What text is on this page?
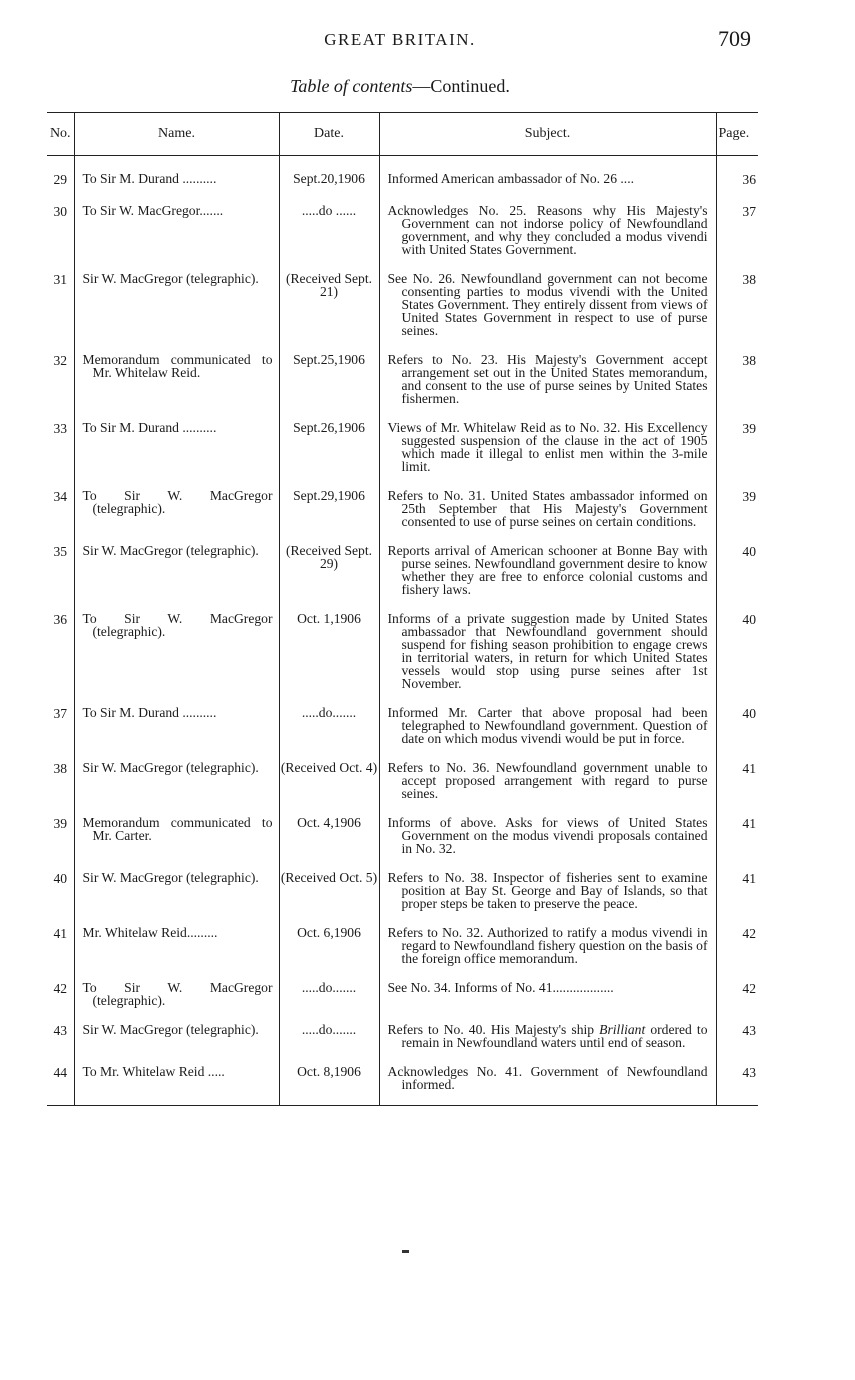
GREAT BRITAIN.	709
Table of contents—Continued.
No.	Name.	Date.	Subject.	Page.

29	To Sir M. Durand ..........	Sept.20,1906	Informed American ambassador of No. 26 ....	36
30	To Sir W. MacGregor.......	.....do ......	Acknowledges No. 25. Reasons why His Majesty's Government can not indorse policy of Newfoundland government, and why they concluded a modus vivendi with United States Government.	37
31	Sir W. MacGregor (telegraphic).	(Received Sept. 21)	See No. 26. Newfoundland government can not become consenting parties to modus vivendi with the United States Government. They entirely dissent from views of United States Government in respect to use of purse seines.	38
32	Memorandum communicated to Mr. Whitelaw Reid.	Sept.25,1906	Refers to No. 23. His Majesty's Government accept arrangement set out in the United States memorandum, and consent to the use of purse seines by United States fishermen.	38
33	To Sir M. Durand ..........	Sept.26,1906	Views of Mr. Whitelaw Reid as to No. 32. His Excellency suggested suspension of the clause in the act of 1905 which made it illegal to enlist men within the 3-mile limit.	39
34	To Sir W. MacGregor (telegraphic).	Sept.29,1906	Refers to No. 31. United States ambassador informed on 25th September that His Majesty's Government consented to use of purse seines on certain conditions.	39
35	Sir W. MacGregor (telegraphic).	(Received Sept. 29)	Reports arrival of American schooner at Bonne Bay with purse seines. Newfoundland government desire to know whether they are free to enforce colonial customs and fishery laws.	40
36	To Sir W. MacGregor (telegraphic).	Oct. 1,1906	Informs of a private suggestion made by United States ambassador that Newfoundland government should suspend for fishing season prohibition to engage crews in territorial waters, in return for which United States vessels would stop using purse seines after 1st November.	40
37	To Sir M. Durand ..........	.....do.......	Informed Mr. Carter that above proposal had been telegraphed to Newfoundland government. Question of date on which modus vivendi would be put in force.	40
38	Sir W. MacGregor (telegraphic).	(Received Oct. 4)	Refers to No. 36. Newfoundland government unable to accept proposed arrangement with regard to purse seines.	41
39	Memorandum communicated to Mr. Carter.	Oct. 4,1906	Informs of above. Asks for views of United States Government on the modus vivendi proposals contained in No. 32.	41
40	Sir W. MacGregor (telegraphic).	(Received Oct. 5)	Refers to No. 38. Inspector of fisheries sent to examine position at Bay St. George and Bay of Islands, so that proper steps be taken to preserve the peace.	41
41	Mr. Whitelaw Reid.........	Oct. 6,1906	Refers to No. 32. Authorized to ratify a modus vivendi in regard to Newfoundland fishery question on the basis of the foreign office memorandum.	42
42	To Sir W. MacGregor (telegraphic).	.....do.......	See No. 34. Informs of No. 41..................	42
43	Sir W. MacGregor (telegraphic).	.....do.......	Refers to No. 40. His Majesty's ship Brilliant ordered to remain in Newfoundland waters until end of season.	43
44	To Mr. Whitelaw Reid .....	Oct. 8,1906	Acknowledges No. 41. Government of Newfoundland informed.	43
